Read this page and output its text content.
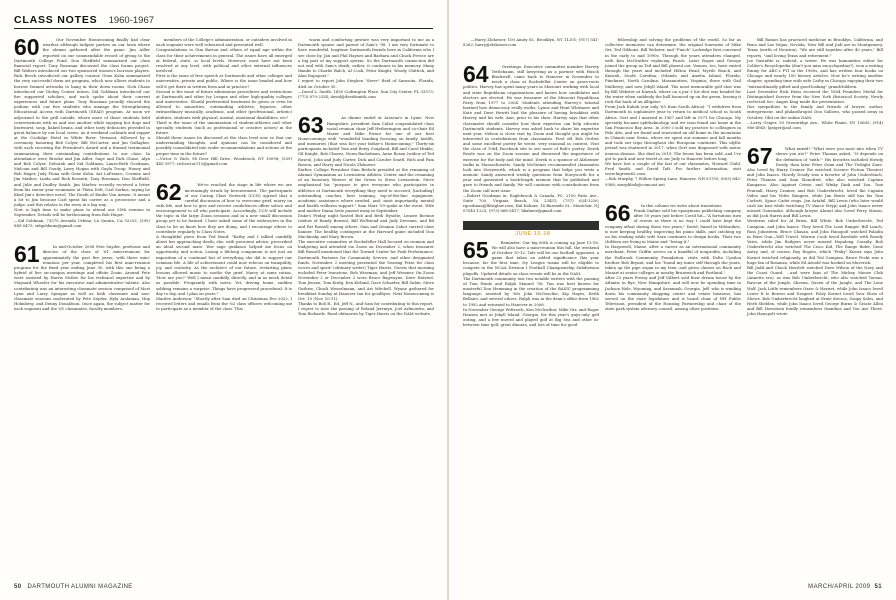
CLASS NOTES 1960-1967

60	Our November Homecoming finally had clear weather although tailgate parties on our lawn where the alumni gathered after the game. Jim Adler reported on our commendable record of giving to the Dartmouth College Fund. Don Sheffield summarized our class financial report. Tony Rossman discussed the class forum project. Bill Walters introduced our two sponsored women's lacrosse players. Rick Beech introduced our gallery curator. Gene Kohn summarized the very successful dorm art program, which now allows students to borrow framed artworks to hang in their dorm rooms. Dick Chase introduced our Dickey Center intern. Sid Goldman introduced our fire supported scholars, and each spoke about their current experiences and future plans. Tony Rossman proudly showed the podium with our five students who manage the Strengthening Educational Access with Dartmouth (SEAD) program. At noon we adjourned to the grill outside, where more of those students held conversations with us and one another while enjoying hot dogs and bratwurst, soup, baked beans, and other tasty delicacies provided in great balance by our local crews. As it weekend cocktails and supper at the Coolidge Hotel in White River, Vermont, followed by a ceremony honoring Bob Colyer, Bill McCarter, and Jim Gallagher, with each receiving the President's Award and a framed testimonial summarizing their outstanding contributions to our class. In attendance were Brooke and Jim Adler, Sage and Dick Chase, Alyn and Bob Colyer, Deborah and Sid Goldman, Laura-Beth Goodman, Malcom and Bill Goudy, Larry Hogan with Gayla Troup, Honey and Bob Hager, Judy Fiona with Gene Kohn, Art LaFrance, Corinne and Jim Mathes, Linda and Rick Rossetti, Tony Rossman, Don Sheffield, and Julie and Dudley Smith. Jim Marlow recently received a letter from his senior year roommate at Theta Delt, Carl Sarkus, saying he liked Jim's detective novel, The Death of Emilie Van Armen. It meant a lot to Jim because Carl spent his career as a prosecutor and a judge, and this relates to the story in a big way.
Now is high time to make plans to attend our 55th reunion in September. Details will be forthcoming from Bob Hager.
—Sid Goldman, 73575 Avenida Urbina, La Quinta, CA 92253; (395) 849-0475; sidgoldman@gmail.com

61	In mid-October 2008 Pete Snyder, professor and director of the class of '61 mini-reunions for approximately the past five years, with three mini-reunions per year, completed his first mini-reunion program for the fixed year ending June 30, with this one being a hybrid of live on-campus meetings and offsite Zoom. Around Pete were assisted by Harris McKee for his technical expertise and by Maynard Wheeler for his executive and administrative talents. Also contributing was an interesting classmate session comprised of Mort Lynn and Larry Sprague as well as both classmate and non-classmate sessions moderated by Pete Snyder, Hyla Arslanian, Hop Holmberg, and Denny Donaldson. Once again, the subject matter for each segment and the '61 classmates, faculty members,

members of the College's administration, or outsiders involved in each segment were well rehearsed and presented well.
Congratulations to Gim Barton and others of equal age within the class for their achievements in general. The issues have all emerged at federal, state, or local levels. However, most have not been resolved at any level, with political and other external influences involved.
First is the issue of free speech at Dartmouth and other colleges and universities, private and public. Where is the issue headed and how will it get there in written form and in practice?
Second is the issue of future admissions procedures and restrictions at Dartmouth and other Ivy League and other high-quality colleges and universities. Should preferential treatment be given or even be allowed to minorities, outstanding athletes, legacies, other extraordinary musically, academic, and other (professional, artistic) abilities, students with physical, mental, emotional disabilities, etc?
Third is the issue of the unionization of student-athletes and other specialty students (such as professional or creative actors) in the future.
Should these issues be discussed at the class level now so that our understanding thoughts, and opinions can be considered and possibly consolidated into wider recommendations and actions at the proper time in the future?
—Victor G. Rich, 94 Deer Hill Drive, Woodstock, NY 10098; (539) 445-3977; richvictor113@gmail.com

62	We've reached the stage in life where we are increasingly struck by bereavement. The participants of our Caring Class Network (CCN) agreed that a careful discussion of how to overcome grief, marry on with life, and how to give and receive condolences offers solace and encouragement to all who participate. Accordingly, CCN will include the topic in the large Zoom sessions and in a new small discussion group yet to be formed. I have asked some of the widows/ers in the class to let us know how they are doing, and I encourage others to contribute regularly to Class Notes.
A thoughtful piece from Ted Bond: "Kathy and I talked candidly about her approaching death; she, with prescient advice, prescribed an ideal second mate. Her sage guidance helped me focus on opportunity and action. Losing a lifelong companion is not just an imposition of a continual but of everything she did to support our common life. A life of achievement could now refocus on tranquility, joy, and curiosity. As the architect of our future, restarting piano lessons allowed music to soothe the grief. Marcy at some ration. 'How are you?' Well I mean candidly, directly, and in as much detail as possible. Frequently with notes. Yet, driving home, sudden sobbing remains a surprise. Things have progressed procedural: It is day to day, and I plan on years."
Marilee Anderson: "Shortly after Sam died on Christmas Eve 2022, I received letters and emails from the '62 class officers welcoming me to participate as a member of the class. This

warm and comforting gesture was very important to me as a Dartmouth spouse and parent of Sam's '98. I am very fortunate to have wonderful, longtime Dartmouth friends here in California who I see close by. Jan and Phil Haynes and Barbara and Chuck Preece are a big part of my support system. So the Dartmouth connection did not end with Sam's death; rather, it continues in his memory. Many thanks to Charlie Balch, Al Cook, Peter Knight, Woody Chittick, and Alan Rapoport."
I regret to report John Stephen "Steve" Reid of Sarasota, Florida, died on October 30.
—David L. Smith, 1850 Codrington Place, Sun City Center, FL 33573; (773) 870-2354; david@davidsmith.com

63	As dinner ended at Arizona's in Lyme, New Hampshire, president Sam Cabot congratulated class social reunion chair Jeff Hetherington and co-chair Ed Mazer and Mike Prince for one of our best Homecomings with "wonderful bonding focusing on family, health, and memories (that was for) your father's Homecoming." Thirty-six participants included Tom and Betsy Coupland, Bill and Carol Hinkle, Gil Knight, Bob Chavez, Norm Bachelman, Anne Rosen (widow of Ted Rosen), John and Judy Carter, Dick and Carolee Seattl, Rich and Pam Bowen, and Harry and Nicole Zlokower.
Earlier, College President Sian Beilock presided at the renaming of Alumni Gymnasium as Lewinstein Athletic Center and the renaming of an honorary Weaver of the Green to Steve Lewinstein. Steve emphasized his "purpose to give everyone who participates in athletics at Dartmouth everything they need to succeed, [including] outstanding coaches, best training, top-of-the-line equipment, academic assistance where needed, and, most importantly, mental and health wellness support." Sam Marr '59 spoke at the event. Wife and mother Diana Seitz passed away in September.
Duke's Friday night hosted Bob and Beth Hysolte, Lenore Boenne (widow of Randy Bowen), Bill Wellstead and Judy Devenne, and Bil and Pat Russell among others. Sam and Deanna Cabot carried class banner. The healthy contingent at the Harvard game included Don Muchinsky and Mary Brown.
The executive committee at Rockefeller Hall focused on reunion and budgeting and attended via Zoom on December 2, when treasurer Bill Russell mentioned that the Toward Center for Peak Performance, Dartmouth Partners for Community Service, and other designated funds. November 2 meeting presented the Searing Prize for class voices and spirit! (obituary writer) Tiger Harris. Guests that morning included Peter Ivanstone, Bob Wiseman, and Jeff Wessner. On Zoom November 2 or December 2 were Bruce Bagwayne, Dave Hatsted, Tom Jensen, Tom Kralg, Ken Kirland, Dave Schaefer, Bill Subin, Steve Guthrie, Chuck Wesselmann, and Art Mitchell. Wyane gathered for breakfast Sunday at Hanover Inn for goodbyes. Next Homecoming is Oct. 10 (Nov. 10-11).
Thanks to Bob B., Ed, Jeff N., and Sam for contributing to this report.
I regret to note the passing of Roland Jerrmyn, Joel Arlinowitz, and Tom Richards. Read obituaries by Tiger Harris on the DAM website.

50 DARTMOUTH ALUMNI MAGAZINE

—Harry Zlokower, 100 Amity St., Brooklyn, NY 11201; (917) 541-8262; harry@zlokower.com

64	Greetings. Executive committee member Harvey Tettlebaum, still lawyering as a partner with Husch Blackwell, came back to Hanover in November to teach a class at Rockefeller Center on grass-roots politics. Harvey has spent many years in Missouri working with local and state Republican organizations and knows how candidates and electors are elected. He was treasurer of the Missouri Republican Party from 1977 to 2004. Students attending Harvey's tutorial learned how democracy really works. Lynne and Hunt Whitmore and Kate and Dave Hewitt had the pleasure of having breakfast with Harvey and his wife, Ann, prior to his class. Harvey says that other classmates should consider how their expertise can help educate Dartmouth students. Harvey was asked back to share his expertise next year. Nelson is close visit by Zoom and thought you might be interested in contributions from classmates. First off, Bob Gerlies and some excellent poetry he wrote, very seasonal in content. Visit the class of 1964 Facebook site to see more of Bob's poetry. Derek Bowle was on the Zoom session and discussed the importance of exercise for the body and the mind. Derek is a sponsor of Alzheimer walks in Massachusetts. Sandy McGinnes recommended classmates look into Storyworth, which is a program that helps you write a memoir. Sandy answered weekly questions from Storyworth for a year and generated a book-length memoir that he published and gave to friends and family. We will continue with contributions from the Zoom call next issue.
—Robert Goodman in, Eaglebrook & Canada, PC, 2100 Patio Ave., Suite 700, Virginia Beach, VA 23451; (757) 624-3226; rgoodman@lbbsglaw.com; Hal Kahner, 14 Burnside St., Montclair, NJ 07043-1225; (973) 868-3417; hkahner@gmail.com

REUNION JUNE 15-18

65	Reminder: Our big 60th is coming up June 15-18. We will also have a mini-reunion this fall, the weekend of October 10-12. Tale will be our football opponent, a game that takes on added significance this year because, for the first time, Ivy League teams will be eligible to compete in the NCAA Division I Football Championship Subdivision playoffs. Updated details on class events will be in the DAM.
The Dartmouth community lost two notable writers with the passing of Tom Hunts and Ralph Manuel '58. Tim was best known for masterful Don Hemming in the creation of the BASIC programming language, assisted by '65s John McGeachie, Kip Hayes, Keith Bellairs, and several others. Ralph was in the dean's office from 1962 to 1982 and returned to Hanover in 2008.
In November George Wittreich, Ken McGruther, Mike Orr, and Roger Hansen met at Jekyll Island, Georgia, for this year's guys-only golf outing, and a few moved and played golf at Big Sea and other in-between time golf, great dinners, and lots of time for good

fellowship and solving the problems of the world. So far as collective memories can determine, the original foursome of Mike Orr, Ted Gibbons, Bill Webster, and "Punch" Lockridge first convened in the early to mid 1990s. Through the years attendees changed, with Ken McGruther replacing Punch. Later Roger and George joined the group as Ted and Bill phased out. Venues, too, have varied through the years and included Hilton Head, Myrtle Beach, and Kiawah, South Carolina; Orlando and Amelia Island, Florida; Pinehurst, North Carolina; Massanutten, Virginia; three with Gail Mulberry, and now Jekyll Island. The most memorable golf shot was by Bill Webster at Kiawah, where on a par 3 his shot was headed for the water when suddenly the ball bounced up on the green, leaving it rock the back of an alligator.
From Jack Kubak (our only '65 from South Africa): "I withdrew from Dartmouth in sophomore year to return to medical school in South Africa. Gert and I married in 1967 and left in 1971 for Chicago. My specialty became ophthalmology, and we soon found our home in the San Francisco Bay Area. In 2000 I sold my practice to colleagues in Palo Alto, and we found and renovated an old home in the mountains in Chianti near Siena, where we spent our summer and fall months and took our trips throughout the European continent. This idyllic period was shattered in 2017, when Gert was diagnosed with motor neuron disease. She died in 2019. The house has been sold, and I've got to pack and now travel at our Judy to Hanover before long.
We have lost a couple of the last of our classmates, Howard Child, Fred Smith, and David Taft. For further information, visit www.bigreen65.com.
—Bob Murphy, 7 Willow Spring Lane, Hanover, NH 03755; (603) 643-9388; murphbob@comcast.net

66	In this column we write about transitions.
Frank Ondine sold his eponymous publishing company after 50 years just before Covid hit—"A fortuitous turn of events as there is no way I could have kept the company afloat during those two years," David, based in Milwaukee, is now keeping healthy, improving his piano skills, and catching up on his reading while wife Sara continues to design books. Their two children are living in Maine and "loving it."
In Harpswell, Maine, after a career as an international community merchant, Peter Griffin serves on a handful of nonprofits, including the Holbrook Community Foundation, visits with Delta Upsilon brother Bob Bryant, and his "found my inner self through the years, taken up the pipe organ in my teen, and given classes on Bach and Mozart at senior colleges in nearby Brunswick and Portland."
After 22 years Pressy and Jeff Gilbert sold their dream house by the Atlantic in Rye, New Hampshire, and will now be spending time in Jackson Hole, Wyoming, and Savannah, Georgia. Jeff, who is winding down his community shopping center and estate business, has served on the state legislature and is board chair of NH Public Television, president of the Housing Partnership and chair of the state park system advisory council, among other positions.

Bill Ramos has practiced medicine in Brooklyn, California, and Reno and Las Vegas, Nevada. Now Bill and Judi are in Montgomery, Texas (north of Houston). "We are still together after 40 years," Bill reports, "and loving Texas and retirement."
Joe Gustafite is, indeed, a writer. He was humanities editor for Collier's Encyclopedia (don't you miss encyclopedias?), won a writing Emmy for ABC's FYI in the 1980s, and has written four books on Chicago and nearly 100 history articles. Now he's writing another chapter, spending time with wife Cathy in Chicago enjoying their two "extraordinarily gifted and good-looking" grandchildren.
Last December Rick Heiss received the 1804 Founders Medal for Distinguished Service from the New York Historical Society. Newly reelected Sec. Angus King made the presentation.
Our sympathies to the family and friends of lawyer, author, entrepreneur, and philanthropist Don Gallows, who passed away in October. Obit on the online DAM.
—Larry Geiger, 95 Greenridge Ave., White Plains, NY 10605; (914) 980-4945; lgeiger@aol.com

67	What mixed? "What were you most into when TV shows you ate?" Peter Thomas asked, "It depends on the definition of 'sixth.'" His favorites included Howdy Doody, then later Peter Gunn and The Twilight Zone. Also loved by Harry Cramer (he watched Science Fiction Theater) and John Isaacs. Howdy Doody was a favorite of John Umberleach, Peter Thomas and Sam Slonofreit, who also watched Captain Kangaroo. Also Against Crime, and Winky Dink and You. Tom Pearsall, Harry Cramer, and Bob Umberbrecht, loved Ike Captain Video and his Video Rangers, while Jim Bents still has his Tom Corbett, Space Cadet rings. Jon Artabil, Bill Lewis (who later would cash his hair while watching TV dance Stryp) and John Isaacs never missed Gunsmoke, although lawyer Abraul also loved Perry Mason, as did Jack Harris and Bill Lewis.
Westerns ruled for Al Brien, Bill White, Bob Umberbrecht, Ted Campion, and John Isaacs. They loved The Lone Ranger. Bill Lunch, Ross Johnsteen, Bruce Chasan, and John Hanopolt watched Paladin in Have Gun—Will Travel. Warren Cook loved Rawhide with Rowdy Yates, while Jim Rodgers never missed Hopalong Cassidy. Bob Umberbrecht also watched The Cisco Kid, The Range Rider, Gene Autry, and, of course, Roy Rogers, which "Pinky" Kirner says John Kornet watched religiously, as did Ted Campion. Bruce Peckt was a huge fan of Bonanza, while Ed Arnold was hooked on Maverick.
Bill Judd and Chuck Hesslett watched Dave Wilson of the Navy and the Coast Guard. ...and were fans of The Mickey Mouse Club (Annette era), as was Bob Umberbrecht, who also watched Tarzan, Rawcar of the Jungle, Sheena, Queen of the Jungle, and The Lone Wolf. Jack Little remembers Ozzie & Harriet, while John Isaacs loved Leave It to Beaver and Dragnet. Foley Kornet loved Your Show of Shows. Bob Umberbrecht laughed at Ernie Kovacs, Soupy Sales, and Herb Shelden, while John Isaacs loved George Burns & Gracie Allen and Bill Hornstein fondly remembers Omnibus and You Are There. John Hanopolt wrote

MARCH/APRIL 2009 51
